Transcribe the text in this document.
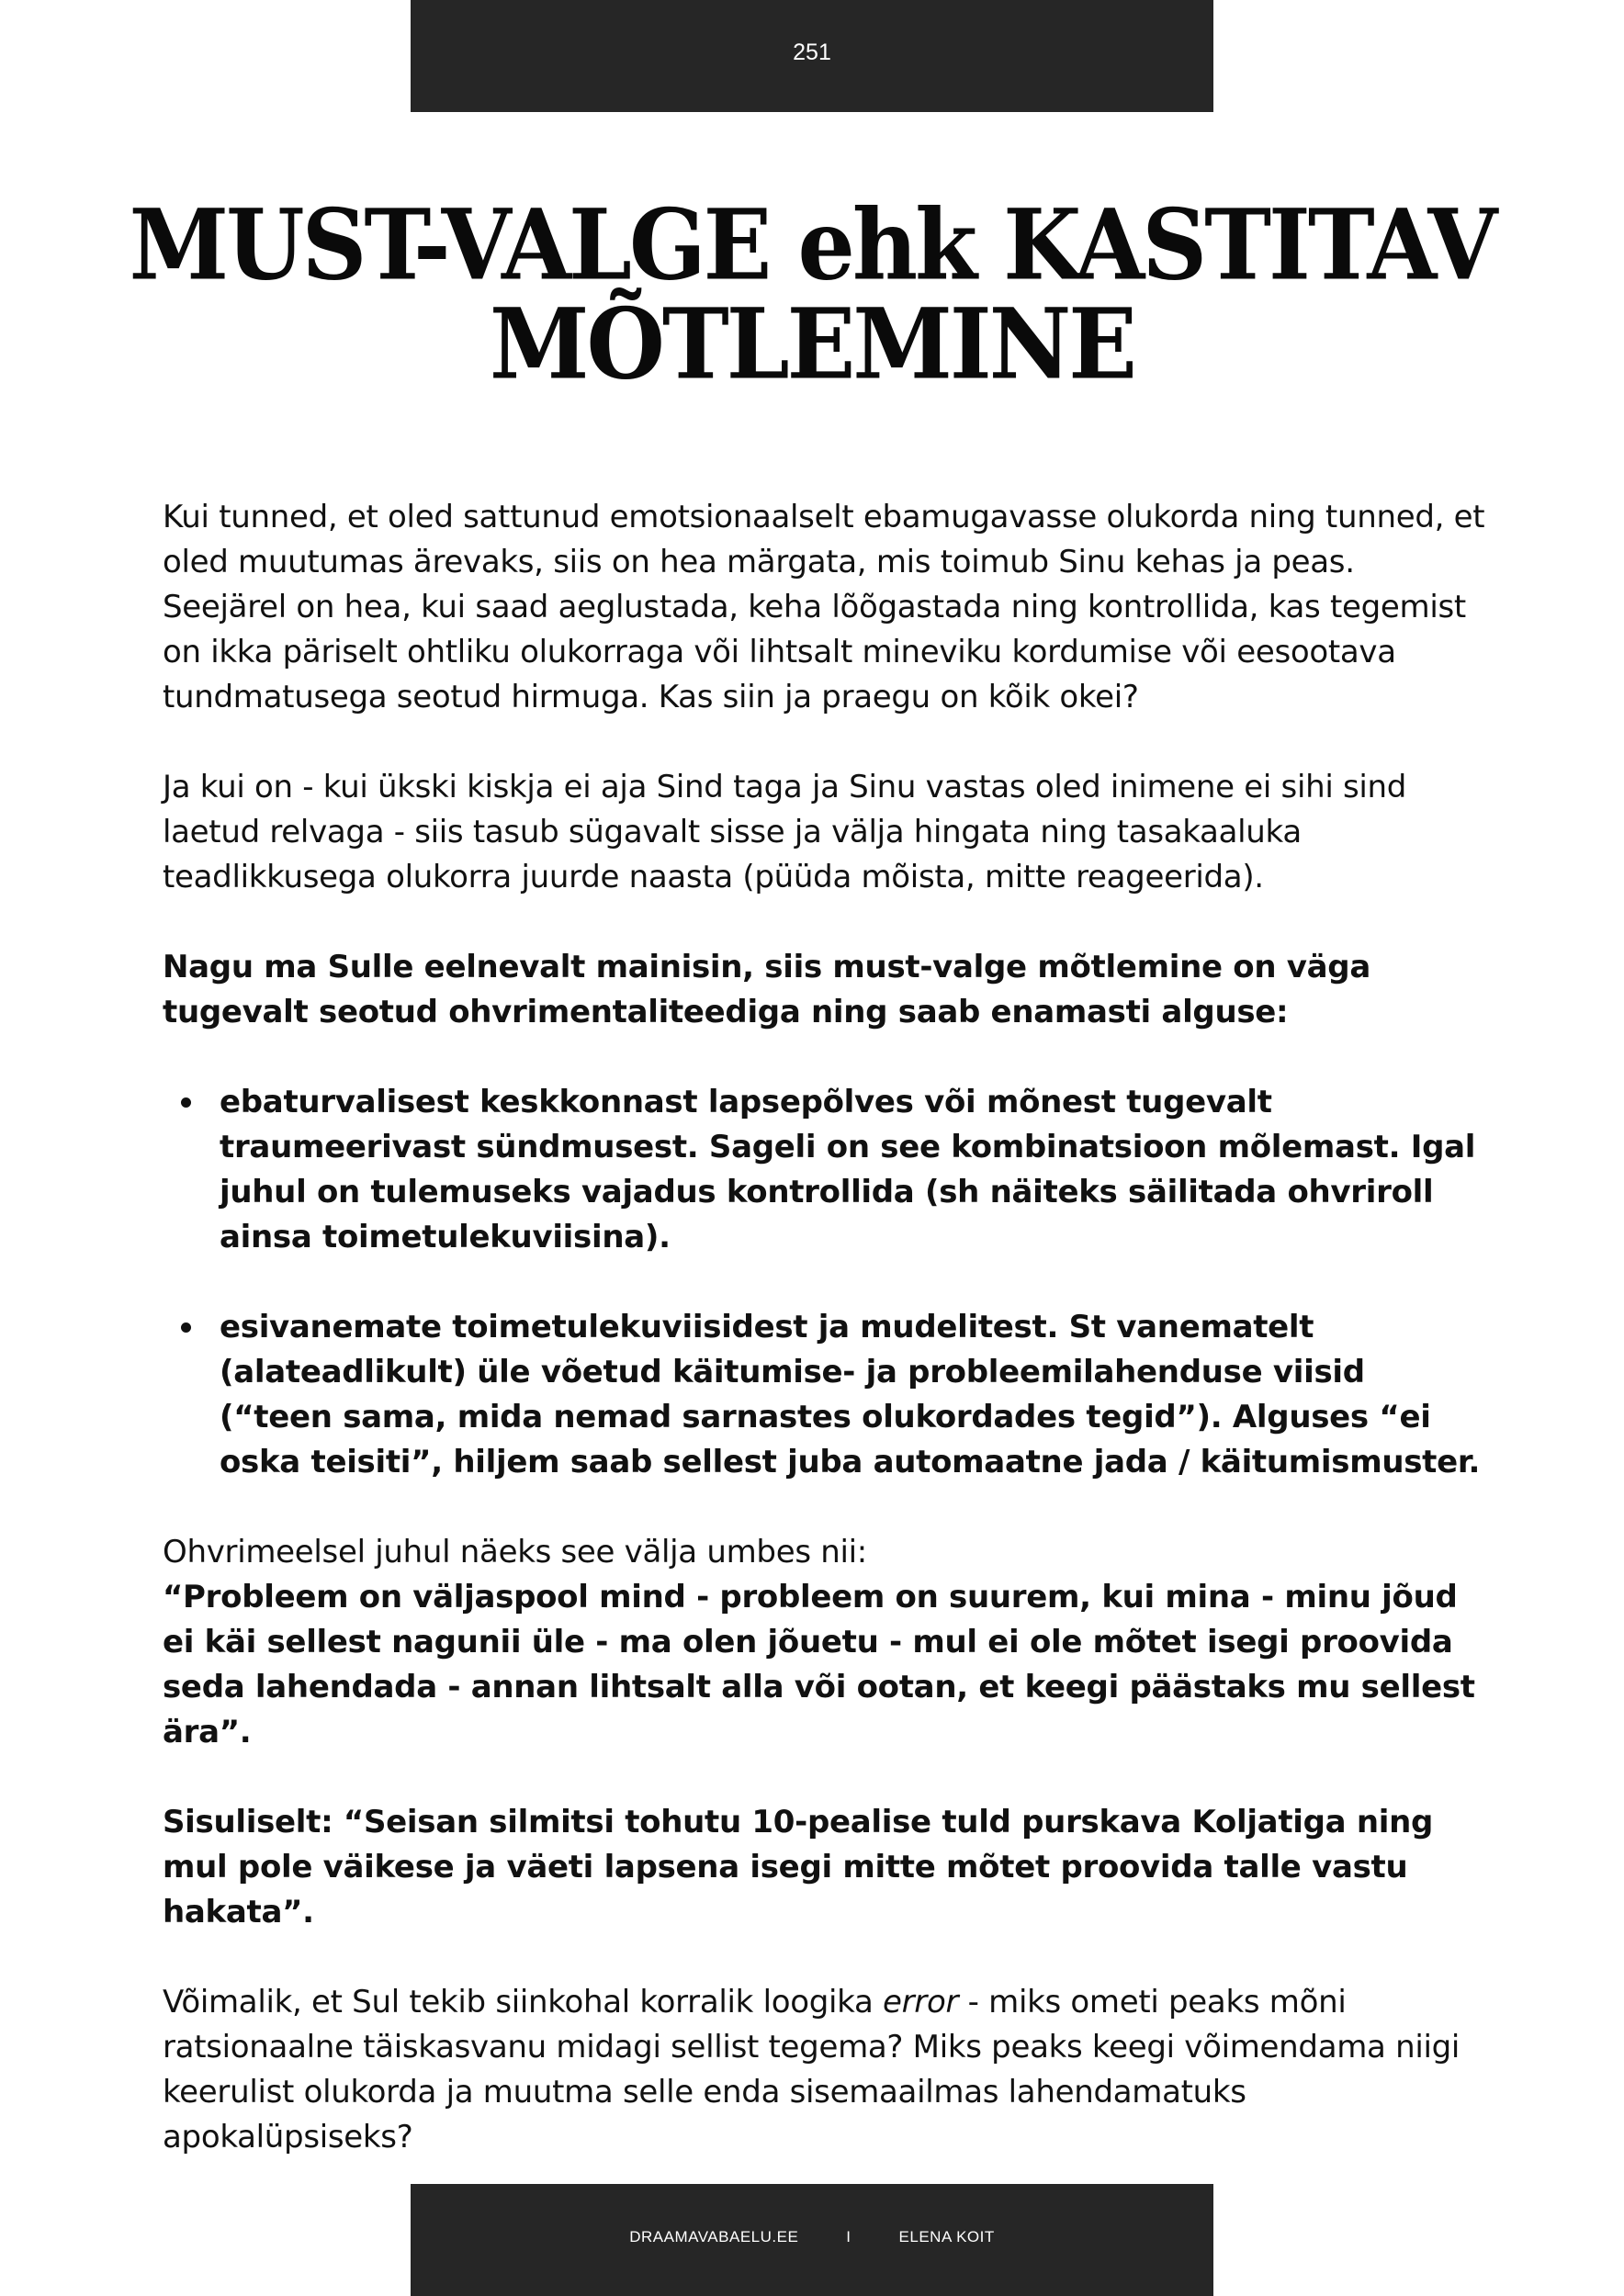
251
MUST-VALGE ehk KASTITAV
MÕTLEMINE

Kui tunned, et oled sattunud emotsionaalselt ebamugavasse olukorda ning tunned, et oled muutumas ärevaks, siis on hea märgata, mis toimub Sinu kehas ja peas. Seejärel on hea, kui saad aeglustada, keha lõõgastada ning kontrollida, kas tegemist on ikka päriselt ohtliku olukorraga või lihtsalt mineviku kordumise või eesootava tundmatusega seotud hirmuga. Kas siin ja praegu on kõik okei?

Ja kui on - kui ükski kiskja ei aja Sind taga ja Sinu vastas oled inimene ei sihi sind laetud relvaga - siis tasub sügavalt sisse ja välja hingata ning tasakaaluka teadlikkusega olukorra juurde naasta (püüda mõista, mitte reageerida).

Nagu ma Sulle eelnevalt mainisin, siis must-valge mõtlemine on väga tugevalt seotud ohvrimentaliteediga ning saab enamasti alguse:

ebaturvalisest keskkonnast lapsepõlves või mõnest tugevalt traumeerivast sündmusest. Sageli on see kombinatsioon mõlemast. Igal juhul on tulemuseks vajadus kontrollida (sh näiteks säilitada ohvriroll ainsa toimetulekuviisina).
esivanemate toimetulekuviisidest ja mudelitest. St vanematelt (alateadlikult) üle võetud käitumise- ja probleemilahenduse viisid (“teen sama, mida nemad sarnastes olukordades tegid”). Alguses “ei oska teisiti”, hiljem saab sellest juba automaatne jada / käitumismuster.

Ohvrimeelsel juhul näeks see välja umbes nii:

“Probleem on väljaspool mind - probleem on suurem, kui mina - minu jõud ei käi sellest nagunii üle - ma olen jõuetu - mul ei ole mõtet isegi proovida seda lahendada - annan lihtsalt alla või ootan, et keegi päästaks mu sellest ära”.

Sisuliselt: “Seisan silmitsi tohutu 10-pealise tuld purskava Koljatiga ning mul pole väikese ja väeti lapsena isegi mitte mõtet proovida talle vastu hakata”.

Võimalik, et Sul tekib siinkohal korralik loogika error - miks ometi peaks mõni ratsionaalne täiskasvanu midagi sellist tegema? Miks peaks keegi võimendama niigi keerulist olukorda ja muutma selle enda sisemaailmas lahendamatuks apokalüpsiseks?

DRAAMAVABAELU.EE	I	ELENA KOIT
